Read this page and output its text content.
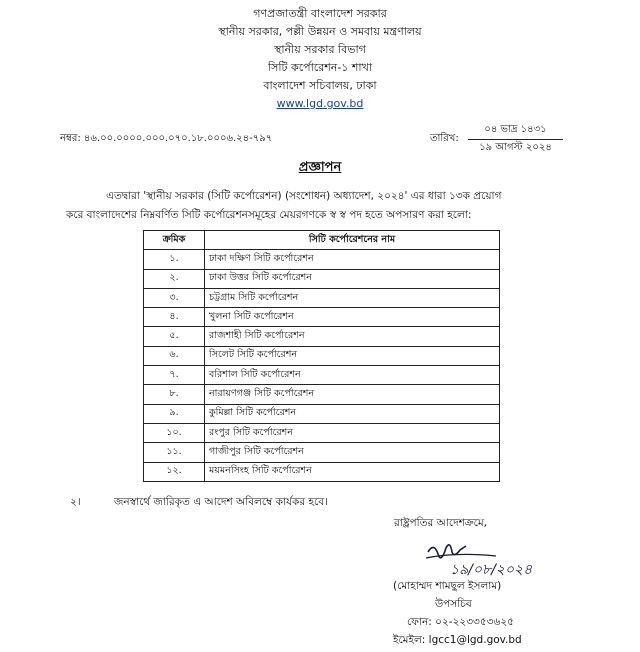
গণপ্রজাতন্ত্রী বাংলাদেশ সরকার
স্থানীয় সরকার, পল্লী উন্নয়ন ও সমবায় মন্ত্রণালয়
স্থানীয় সরকার বিভাগ
সিটি কর্পোরেশন-১ শাখা
বাংলাদেশ সচিবালয়, ঢাকা
www.lgd.gov.bd
নম্বর: ৪৬.০০.০০০০.০০০.০৭০.১৮.০০০৬.২৪-৭৯৭	তারিখ:
০৪ ভাদ্র ১৪৩১
১৯ আগস্ট ২০২৪
প্রজ্ঞাপন
এতদ্বারা 'স্থানীয় সরকার (সিটি কর্পোরেশন) (সংশোধন) অধ্যাদেশ, ২০২৪' এর ধারা ১৩ক প্রয়োগ
করে বাংলাদেশের নিম্নবর্ণিত সিটি কর্পোরেশনসমূহের মেয়রগণকে স্ব স্ব পদ হতে অপসারণ করা হলো:
ক্রমিক	সিটি কর্পোরেশনের নাম
১.	ঢাকা দক্ষিণ সিটি কর্পোরেশন
২.	ঢাকা উত্তর সিটি কর্পোরেশন
৩.	চট্টগ্রাম সিটি কর্পোরেশন
৪.	খুলনা সিটি কর্পোরেশন
৫.	রাজশাহী সিটি কর্পোরেশন
৬.	সিলেট সিটি কর্পোরেশন
৭.	বরিশাল সিটি কর্পোরেশন
৮.	নারায়ণগঞ্জ সিটি কর্পোরেশন
৯.	কুমিল্লা সিটি কর্পোরেশন
১০.	রংপুর সিটি কর্পোরেশন
১১.	গাজীপুর সিটি কর্পোরেশন
১২.	ময়মনসিংহ সিটি কর্পোরেশন
২।	জনস্বার্থে জারিকৃত এ আদেশ অবিলম্বে কার্যকর হবে।
রাষ্ট্রপতির আদেশক্রমে,
১৯/০৮/২০২৪
(মোহাম্মদ শামছুল ইসলাম)
উপসচিব
ফোন: ০২-২২৩৩৫৩৬২৫
ইমেইল: lgcc1@lgd.gov.bd
